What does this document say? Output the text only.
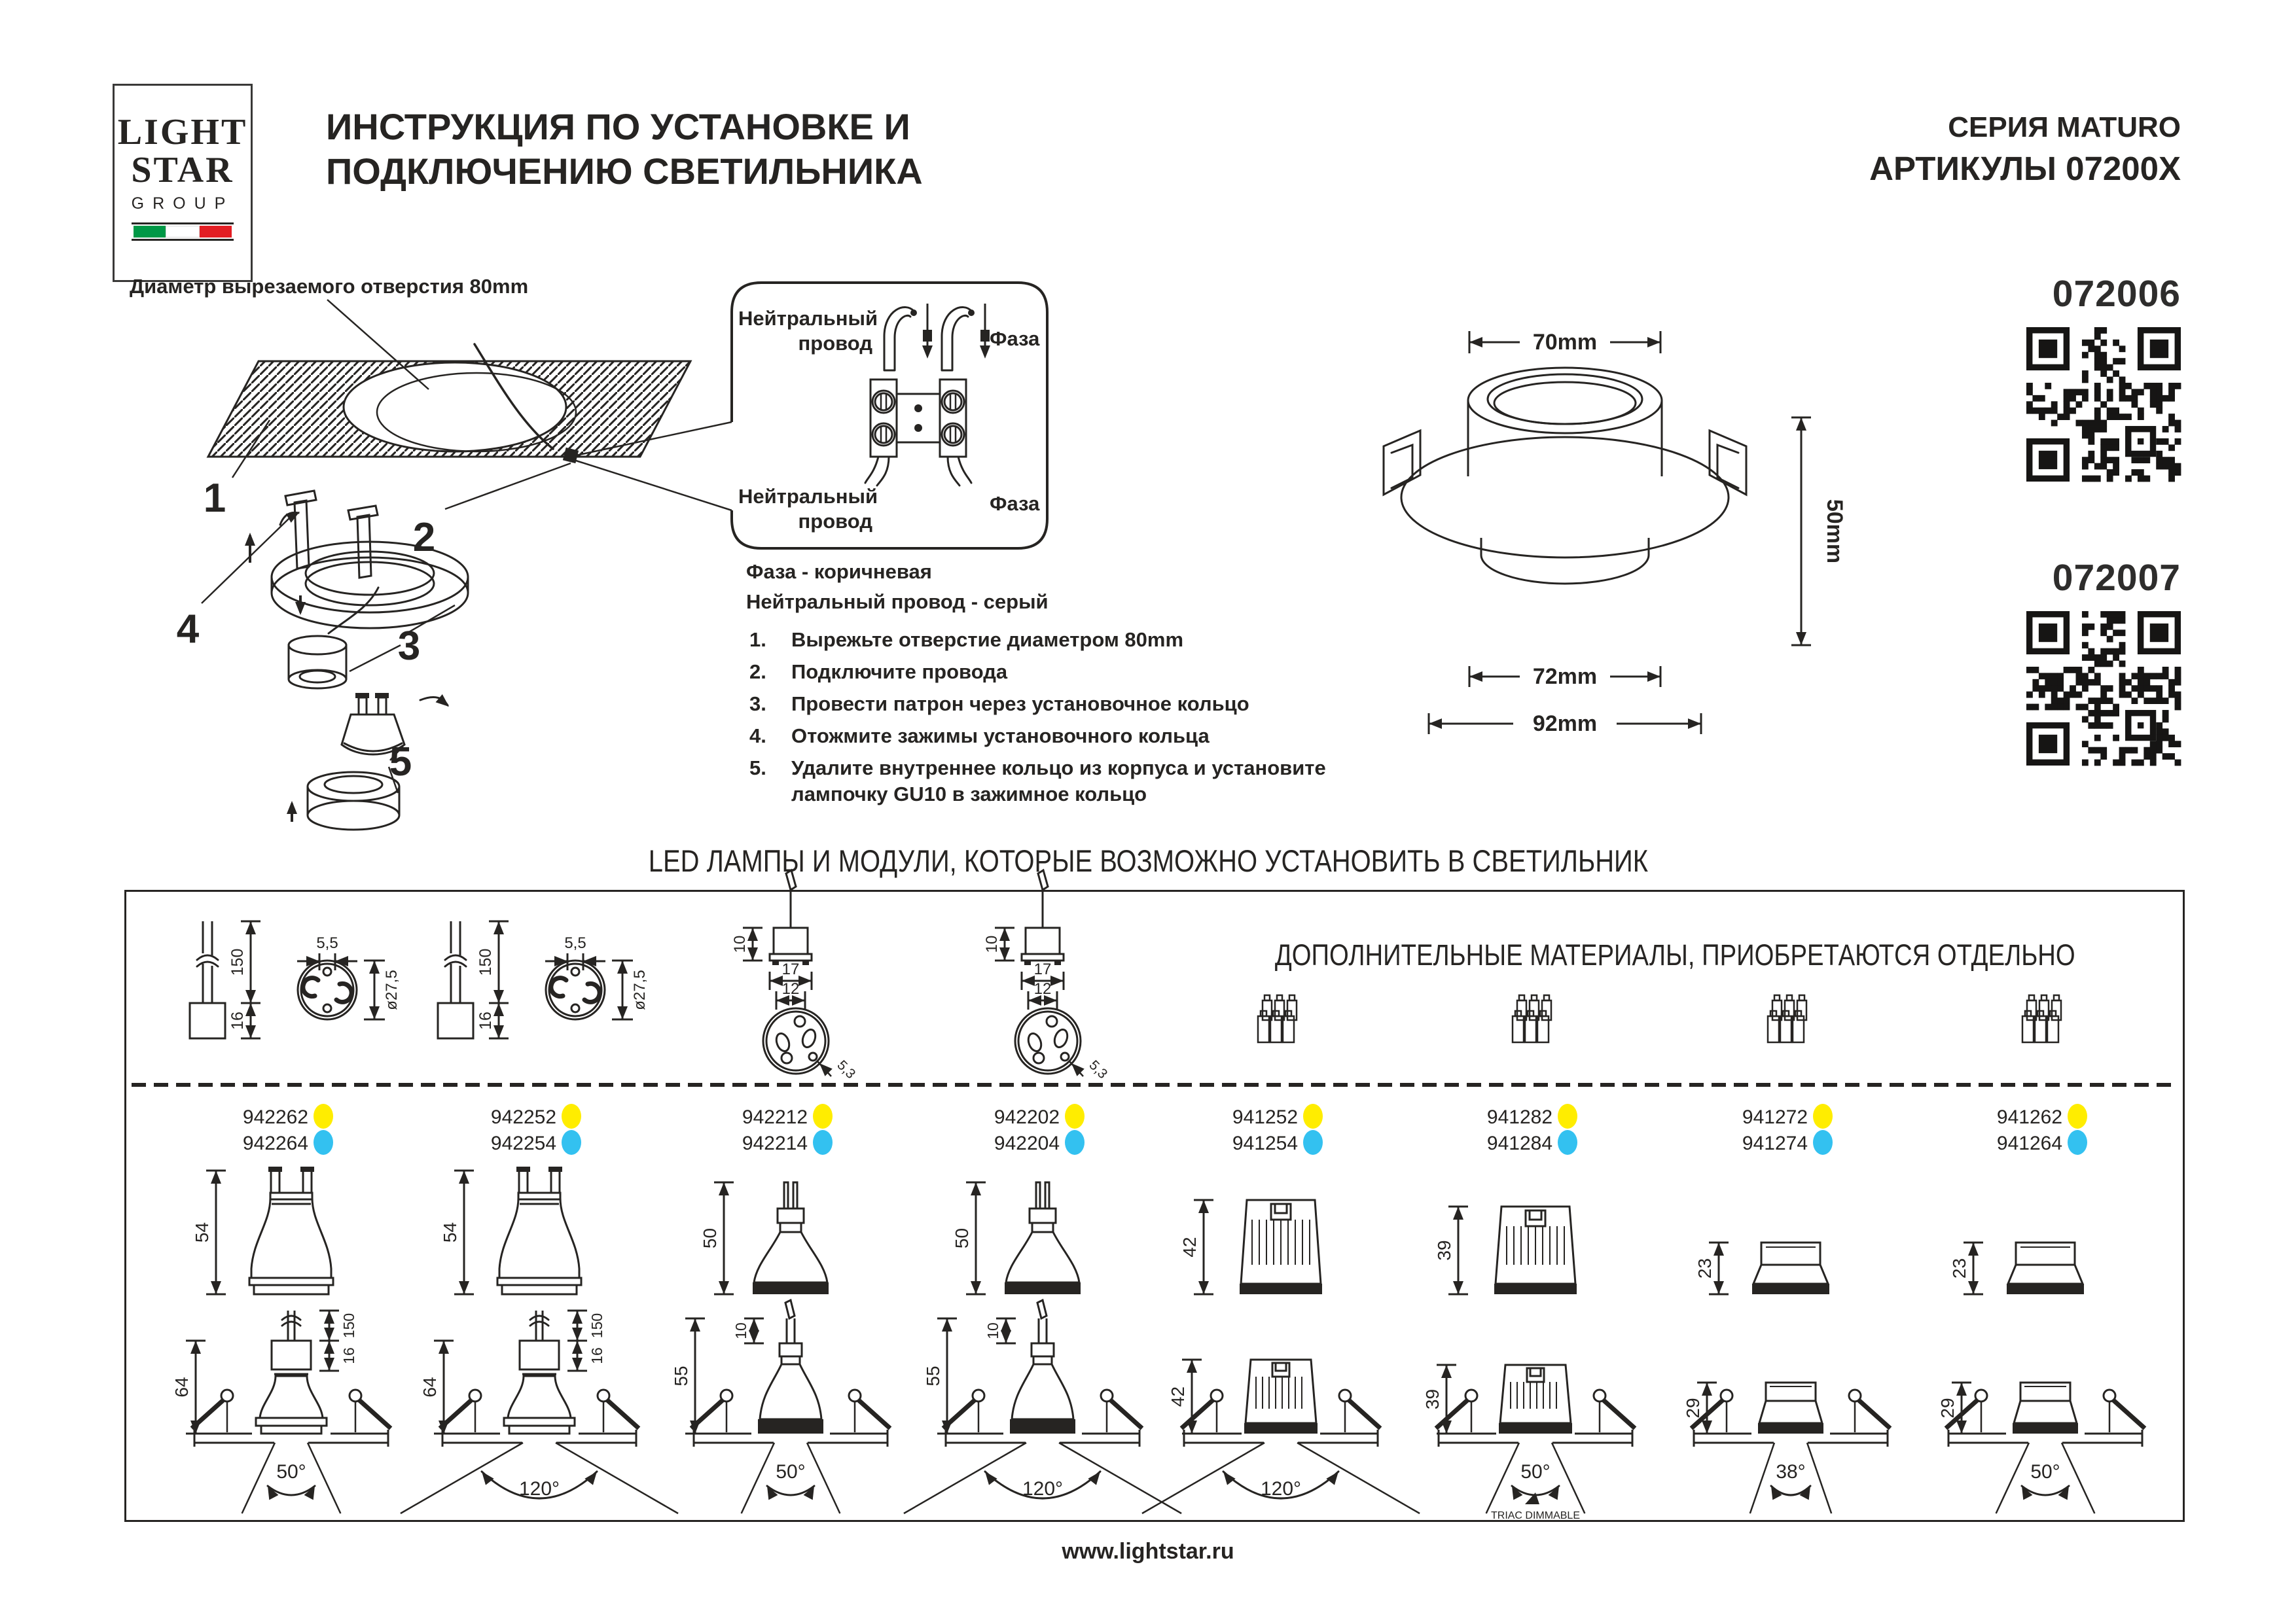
LIGHT
STAR
GROUP
ИНСТРУКЦИЯ ПО УСТАНОВКЕ И
ПОДКЛЮЧЕНИЮ СВЕТИЛЬНИКА
СЕРИЯ MATURO
АРТИКУЛЫ 07200X
Диаметр вырезаемого отверстия 80mm
1
2
3
4
5
Нейтральный провод	Фаза
Нейтральный провод
Фаза
Фаза - коричневая
Нейтральный провод - серый
1.	Вырежьте отверстие диаметром 80mm
2.	Подключите провода
3.	Провести патрон через установочное кольцо
4.	Отожмите зажимы установочного кольца
5.	Удалите внутреннее кольцо из корпуса и установите лампочку GU10 в зажимное кольцо
70mm
50mm
72mm
92mm
072006
072007
LED ЛАМПЫ И МОДУЛИ, КОТОРЫЕ ВОЗМОЖНО УСТАНОВИТЬ В СВЕТИЛЬНИК
150
16
5,5
ø27,5
942262
942264
54
64
150
16
50°
150
16
5,5
ø27,5
942252
942254
54
64
150
16
120°
10
17
12
5,3
942212
942214
50
10
55
50°
10
17
12
5,3
942202
942204
50
10
55
120°
941252
941254
42
42
120°
941282
941284
39
39
50°
TRIAC DIMMABLE
941272
941274
23
29
38°
941262
941264
23
29
50°
ДОПОЛНИТЕЛЬНЫЕ МАТЕРИАЛЫ, ПРИОБРЕТАЮТСЯ ОТДЕЛЬНО
www.lightstar.ru
